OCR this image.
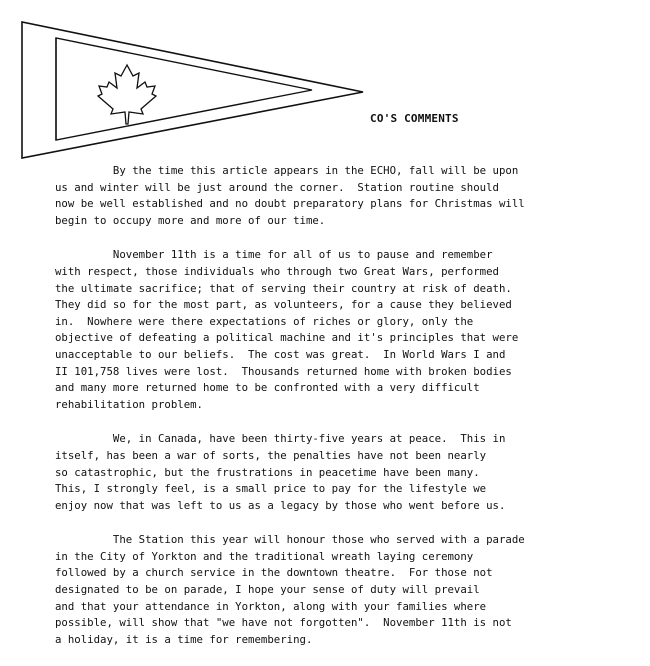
CO'S COMMENTS

By the time this article appears in the ECHO, fall will be upon
us and winter will be just around the corner.  Station routine should
now be well established and no doubt preparatory plans for Christmas will
begin to occupy more and more of our time.

November 11th is a time for all of us to pause and remember
with respect, those individuals who through two Great Wars, performed
the ultimate sacrifice; that of serving their country at risk of death.
They did so for the most part, as volunteers, for a cause they believed
in.  Nowhere were there expectations of riches or glory, only the
objective of defeating a political machine and it's principles that were
unacceptable to our beliefs.  The cost was great.  In World Wars I and
II 101,758 lives were lost.  Thousands returned home with broken bodies
and many more returned home to be confronted with a very difficult
rehabilitation problem.

We, in Canada, have been thirty-five years at peace.  This in
itself, has been a war of sorts, the penalties have not been nearly
so catastrophic, but the frustrations in peacetime have been many.
This, I strongly feel, is a small price to pay for the lifestyle we
enjoy now that was left to us as a legacy by those who went before us.

The Station this year will honour those who served with a parade
in the City of Yorkton and the traditional wreath laying ceremony
followed by a church service in the downtown theatre.  For those not
designated to be on parade, I hope your sense of duty will prevail
and that your attendance in Yorkton, along with your families where
possible, will show that "we have not forgotten".  November 11th is not
a holiday, it is a time for remembering.
